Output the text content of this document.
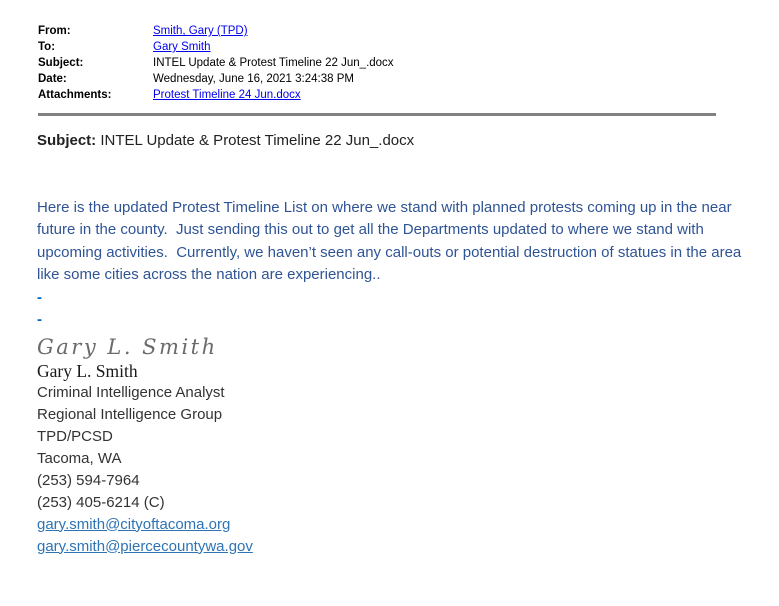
From:	Smith, Gary (TPD)
To:	Gary Smith
Subject:	INTEL Update & Protest Timeline 22 Jun_.docx
Date:	Wednesday, June 16, 2021 3:24:38 PM
Attachments:	Protest Timeline 24 Jun.docx
Subject: INTEL Update & Protest Timeline 22 Jun_.docx
Here is the updated Protest Timeline List on where we stand with planned protests coming up in the near future in the county.  Just sending this out to get all the Departments updated to where we stand with upcoming activities.  Currently, we haven’t seen any call-outs or potential destruction of statues in the area like some cities across the nation are experiencing..
-
-
Gary L. Smith
Gary L. Smith
Criminal Intelligence Analyst
Regional Intelligence Group
TPD/PCSD
Tacoma, WA
(253) 594-7964
(253) 405-6214 (C)
gary.smith@cityoftacoma.org
gary.smith@piercecountywa.gov
